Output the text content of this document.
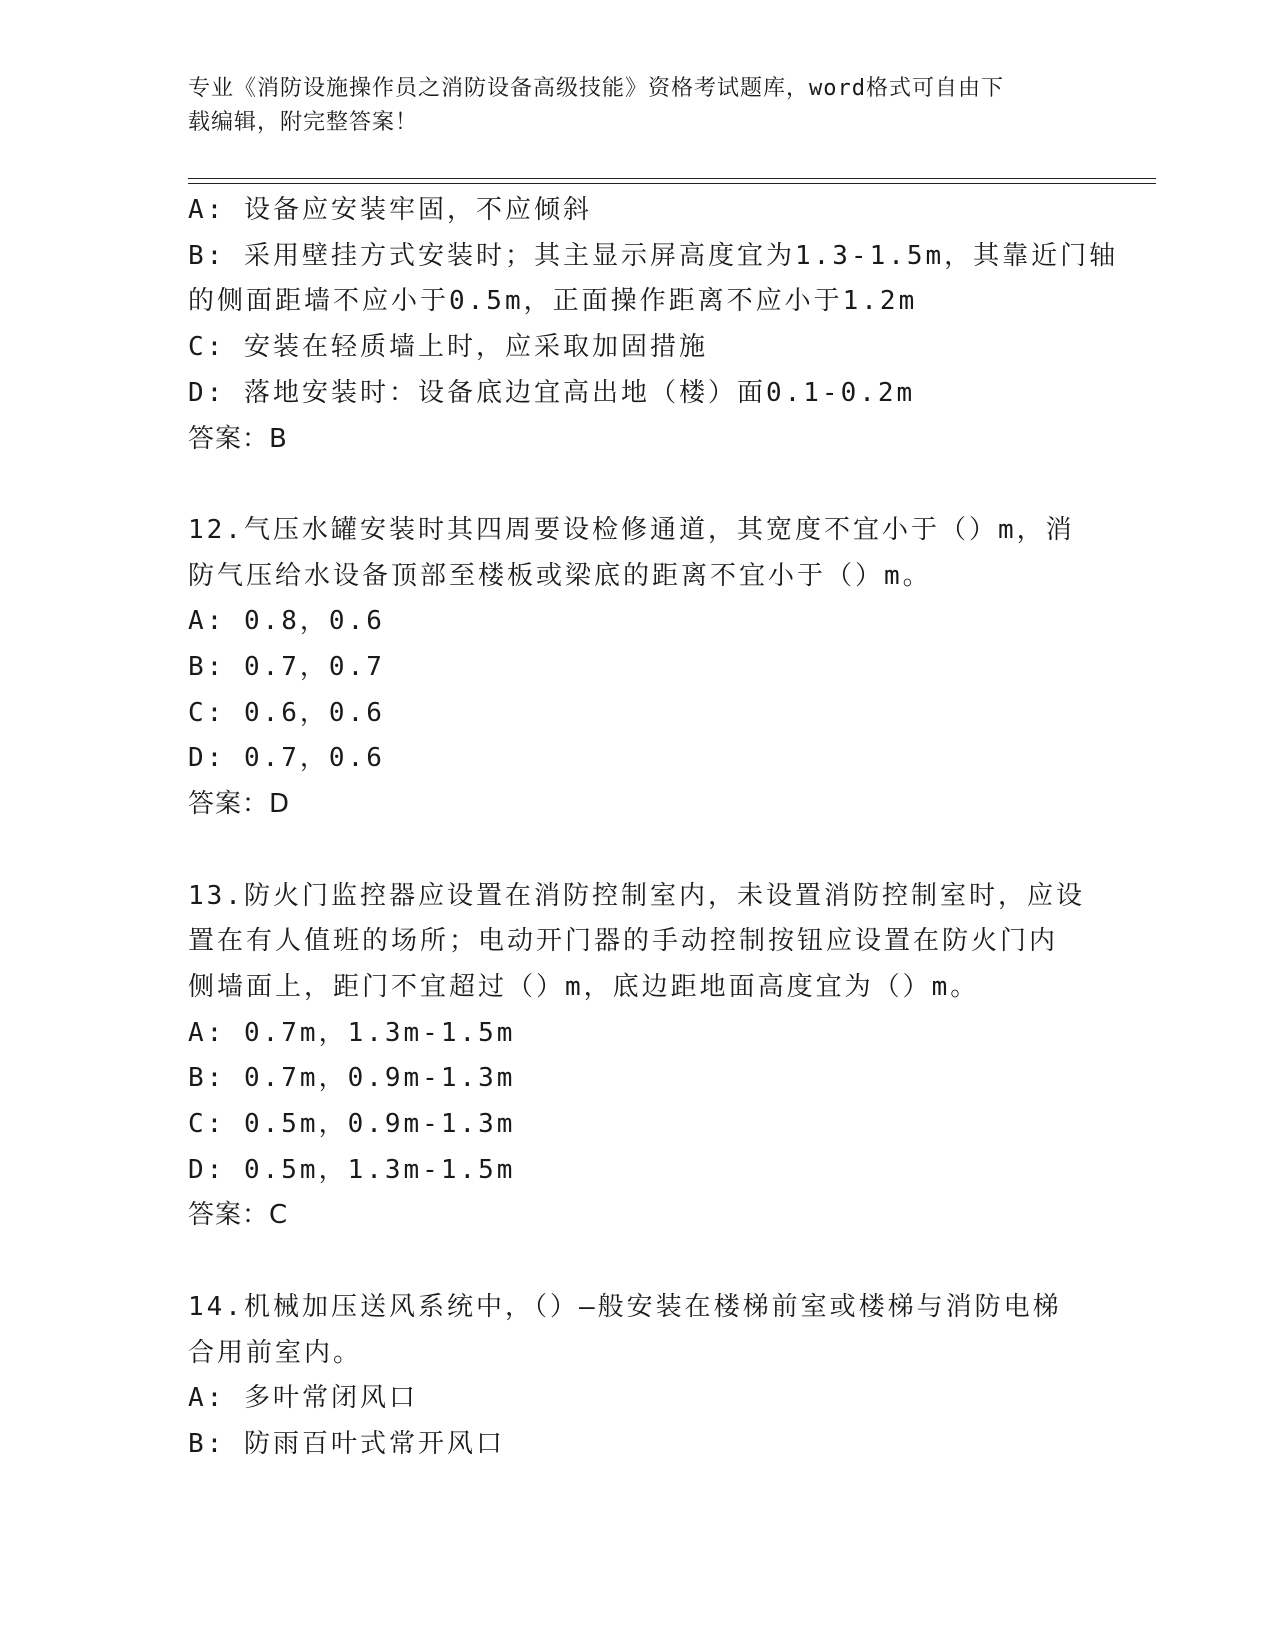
专业《消防设施操作员之消防设备高级技能》资格考试题库，word格式可自由下
载编辑，附完整答案！
A: 设备应安装牢固，不应倾斜
B: 采用壁挂方式安装时；其主显示屏高度宜为1.3-1.5m，其靠近门轴
的侧面距墙不应小于0.5m，正面操作距离不应小于1.2m
C: 安装在轻质墙上时，应采取加固措施
D: 落地安装时：设备底边宜高出地（楼）面0.1-0.2m
答案：B
12.气压水罐安装时其四周要设检修通道，其宽度不宜小于（）m，消
防气压给水设备顶部至楼板或梁底的距离不宜小于（）m。
A: 0.8，0.6
B: 0.7，0.7
C: 0.6，0.6
D: 0.7，0.6
答案：D
13.防火门监控器应设置在消防控制室内，未设置消防控制室时，应设
置在有人值班的场所；电动开门器的手动控制按钮应设置在防火门内
侧墙面上，距门不宜超过（）m，底边距地面高度宜为（）m。
A: 0.7m，1.3m-1.5m
B: 0.7m，0.9m-1.3m
C: 0.5m，0.9m-1.3m
D: 0.5m，1.3m-1.5m
答案：C
14.机械加压送风系统中，（）—般安装在楼梯前室或楼梯与消防电梯
合用前室内。
A: 多叶常闭风口
B: 防雨百叶式常开风口
